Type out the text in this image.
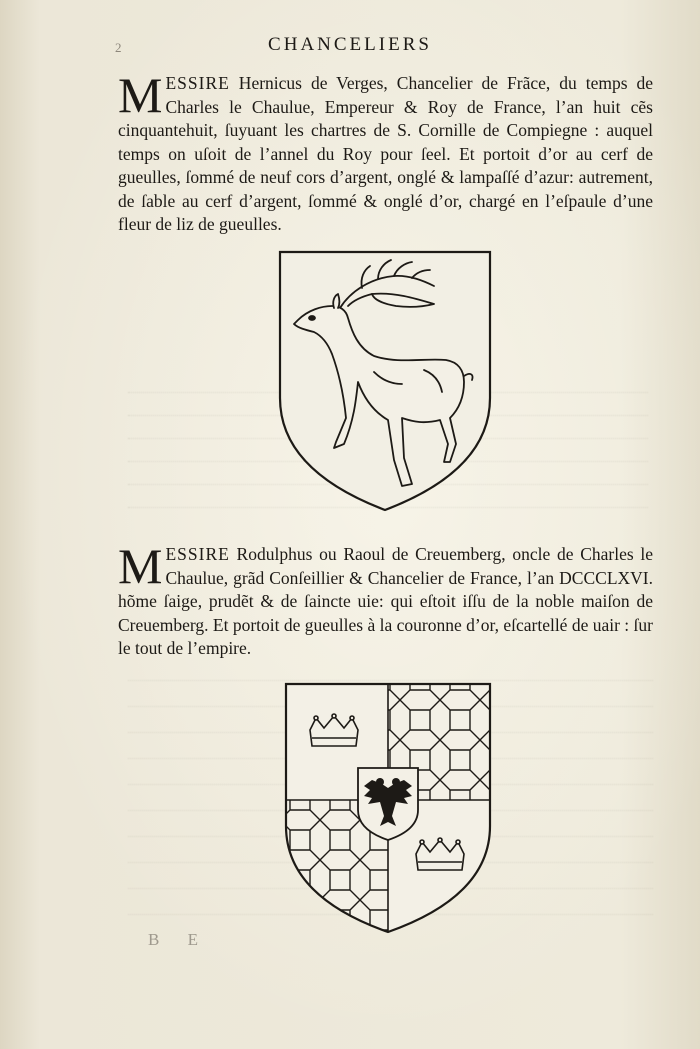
2	CHANCELIERS

MESSIRE Hernicus de Verges, Chancelier de Frãce, du temps de Charles le Chaulue, Empereur & Roy de France, l’an huit cẽs cinquantehuit, ſuyuant les chartres de S. Cornille de Compiegne : auquel temps on uſoit de l’annel du Roy pour ſeel. Et portoit d’or au cerf de gueulles, ſommé de neuf cors d’argent, onglé & lampaſſé d’azur: autrement, de ſable au cerf d’argent, ſommé & onglé d’or, chargé en l’eſpaule d’une fleur de liz de gueulles.

MESSIRE Rodulphus ou Raoul de Creuemberg, oncle de Charles le Chaulue, grãd Conſeillier & Chancelier de France, l’an DCCCLXVI. hõme ſaige, prudẽt & de ſaincte uie: qui eſtoit iſſu de la noble maiſon de Creuemberg. Et portoit de gueulles à la couronne d’or, eſcartellé de uair : ſur le tout de l’empire.

B E
